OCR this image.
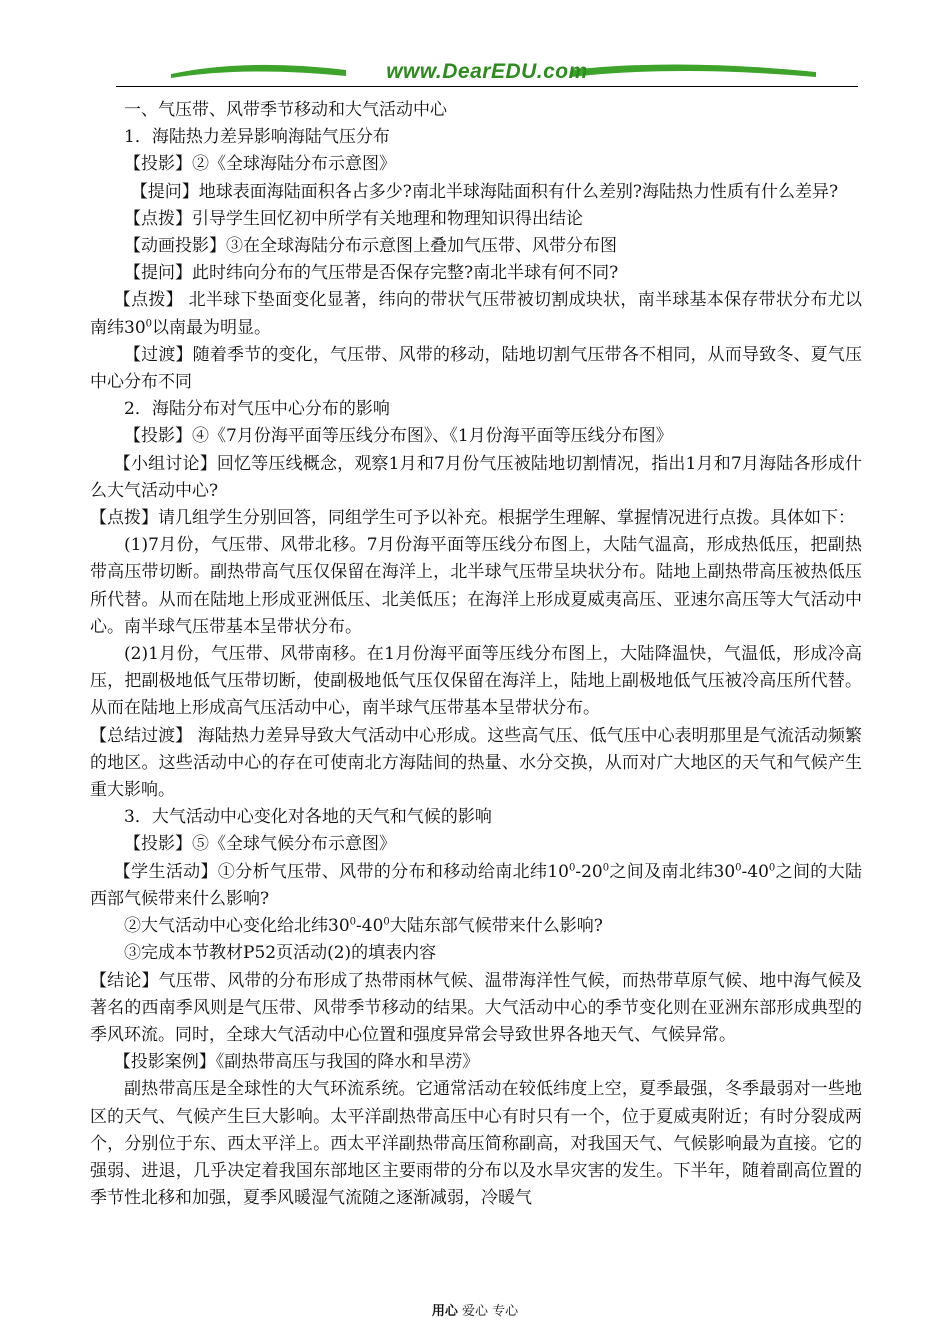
www.DearEDU.com

一、气压带、风带季节移动和大气活动中心

1．海陆热力差异影响海陆气压分布

【投影】②《全球海陆分布示意图》

【提问】地球表面海陆面积各占多少?南北半球海陆面积有什么差别?海陆热力性质有什么差异?

【点拨】引导学生回忆初中所学有关地理和物理知识得出结论

【动画投影】③在全球海陆分布示意图上叠加气压带、风带分布图

【提问】此时纬向分布的气压带是否保存完整?南北半球有何不同?

【点拨】 北半球下垫面变化显著，纬向的带状气压带被切割成块状，南半球基本保存带状分布尤以南纬$30^0$以南最为明显。

【过渡】随着季节的变化，气压带、风带的移动，陆地切割气压带各不相同，从而导致冬、夏气压中心分布不同

2．海陆分布对气压中心分布的影响

【投影】④《7月份海平面等压线分布图》、《1月份海平面等压线分布图》

【小组讨论】回忆等压线概念，观察1月和7月份气压被陆地切割情况，指出1月和7月海陆各形成什么大气活动中心?

【点拨】请几组学生分别回答，同组学生可予以补充。根据学生理解、掌握情况进行点拨。具体如下：

(1)7月份，气压带、风带北移。7月份海平面等压线分布图上，大陆气温高，形成热低压，把副热带高压带切断。副热带高气压仅保留在海洋上，北半球气压带呈块状分布。陆地上副热带高压被热低压所代替。从而在陆地上形成亚洲低压、北美低压；在海洋上形成夏威夷高压、亚速尔高压等大气活动中心。南半球气压带基本呈带状分布。

(2)1月份，气压带、风带南移。在1月份海平面等压线分布图上，大陆降温快，气温低，形成冷高压，把副极地低气压带切断，使副极地低气压仅保留在海洋上，陆地上副极地低气压被冷高压所代替。从而在陆地上形成高气压活动中心，南半球气压带基本呈带状分布。

【总结过渡】 海陆热力差异导致大气活动中心形成。这些高气压、低气压中心表明那里是气流活动频繁的地区。这些活动中心的存在可使南北方海陆间的热量、水分交换，从而对广大地区的天气和气候产生重大影响。

3．大气活动中心变化对各地的天气和气候的影响

【投影】⑤《全球气候分布示意图》

【学生活动】①分析气压带、风带的分布和移动给南北纬$10^0-20^0$之间及南北纬$30^0-40^0$之间的大陆西部气候带来什么影响?

②大气活动中心变化给北纬$30^0-40^0$大陆东部气候带来什么影响?

③完成本节教材P52页活动(2)的填表内容

【结论】气压带、风带的分布形成了热带雨林气候、温带海洋性气候，而热带草原气候、地中海气候及著名的西南季风则是气压带、风带季节移动的结果。大气活动中心的季节变化则在亚洲东部形成典型的季风环流。同时，全球大气活动中心位置和强度异常会导致世界各地天气、气候异常。

【投影案例】《副热带高压与我国的降水和旱涝》

副热带高压是全球性的大气环流系统。它通常活动在较低纬度上空，夏季最强，冬季最弱对一些地区的天气、气候产生巨大影响。太平洋副热带高压中心有时只有一个，位于夏威夷附近；有时分裂成两个，分别位于东、西太平洋上。西太平洋副热带高压简称副高，对我国天气、气候影响最为直接。它的强弱、进退，几乎决定着我国东部地区主要雨带的分布以及水旱灾害的发生。下半年，随着副高位置的季节性北移和加强，夏季风暖湿气流随之逐渐减弱，冷暖气

用心 爱心 专心
